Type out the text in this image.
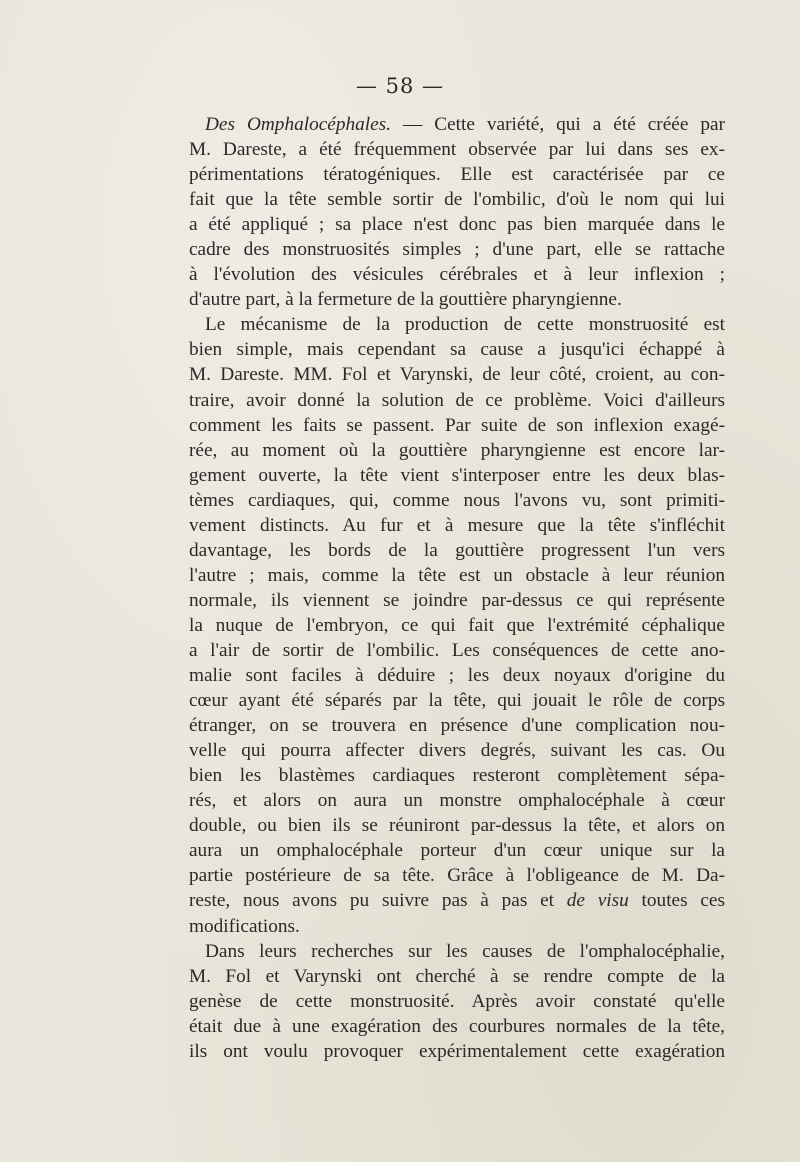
— 58 —
Des Omphalocéphales. — Cette variété, qui a été créée par
M. Dareste, a été fréquemment observée par lui dans ses ex-
périmentations tératogéniques. Elle est caractérisée par ce
fait que la tête semble sortir de l'ombilic, d'où le nom qui lui
a été appliqué ; sa place n'est donc pas bien marquée dans le
cadre des monstruosités simples ; d'une part, elle se rattache
à l'évolution des vésicules cérébrales et à leur inflexion ;
d'autre part, à la fermeture de la gouttière pharyngienne.
Le mécanisme de la production de cette monstruosité est
bien simple, mais cependant sa cause a jusqu'ici échappé à
M. Dareste. MM. Fol et Varynski, de leur côté, croient, au con-
traire, avoir donné la solution de ce problème. Voici d'ailleurs
comment les faits se passent. Par suite de son inflexion exagé-
rée, au moment où la gouttière pharyngienne est encore lar-
gement ouverte, la tête vient s'interposer entre les deux blas-
tèmes cardiaques, qui, comme nous l'avons vu, sont primiti-
vement distincts. Au fur et à mesure que la tête s'infléchit
davantage, les bords de la gouttière progressent l'un vers
l'autre ; mais, comme la tête est un obstacle à leur réunion
normale, ils viennent se joindre par-dessus ce qui représente
la nuque de l'embryon, ce qui fait que l'extrémité céphalique
a l'air de sortir de l'ombilic. Les conséquences de cette ano-
malie sont faciles à déduire ; les deux noyaux d'origine du
cœur ayant été séparés par la tête, qui jouait le rôle de corps
étranger, on se trouvera en présence d'une complication nou-
velle qui pourra affecter divers degrés, suivant les cas. Ou
bien les blastèmes cardiaques resteront complètement sépa-
rés, et alors on aura un monstre omphalocéphale à cœur
double, ou bien ils se réuniront par-dessus la tête, et alors on
aura un omphalocéphale porteur d'un cœur unique sur la
partie postérieure de sa tête. Grâce à l'obligeance de M. Da-
reste, nous avons pu suivre pas à pas et de visu toutes ces
modifications.
Dans leurs recherches sur les causes de l'omphalocéphalie,
M. Fol et Varynski ont cherché à se rendre compte de la
genèse de cette monstruosité. Après avoir constaté qu'elle
était due à une exagération des courbures normales de la tête,
ils ont voulu provoquer expérimentalement cette exagération
